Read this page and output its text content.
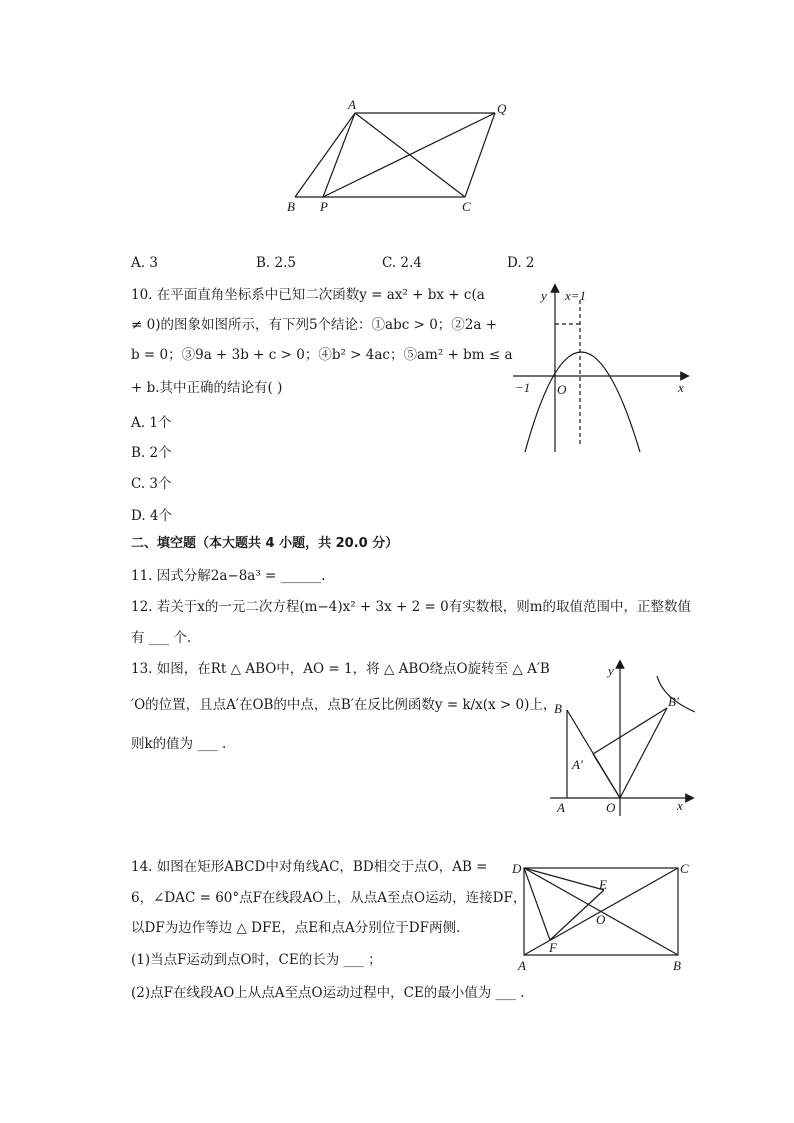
A	Q
B P	C
A. 3	B. 2.5	C. 2.4	D. 2
10. 在平面直角坐标系中已知二次函数y = ax² + bx + c(a
≠ 0)的图象如图所示，有下列5个结论：①abc > 0；②2a +
b = 0；③9a + 3b + c > 0；④b² > 4ac；⑤am² + bm ≤ a
+ b.其中正确的结论有( )
A. 1个
B. 2个
C. 3个
D. 4个
y x=1
−1 O	x
二、填空题（本大题共 4 小题，共 20.0 分）
11. 因式分解2a−8a³ = ______.
12. 若关于x的一元二次方程(m−4)x² + 3x + 2 = 0有实数根，则m的取值范围中，正整数值
有 ___ 个.
13. 如图，在Rt △ ABO中，AO = 1，将 △ ABO绕点O旋转至 △ A′B
′O的位置，且点A′在OB的中点，点B′在反比例函数y = k/x(x > 0)上，
则k的值为 ___ .
y
B	B′
A′
A	O	x
14. 如图在矩形ABCD中对角线AC，BD相交于点O，AB =
6，∠DAC = 60°点F在线段AO上，从点A至点O运动，连接DF，
以DF为边作等边 △ DFE，点E和点A分别位于DF两侧.
(1)当点F运动到点O时，CE的长为 ___ ；
(2)点F在线段AO上从点A至点O运动过程中，CE的最小值为 ___ .
D	C
E
O
F
A	B
